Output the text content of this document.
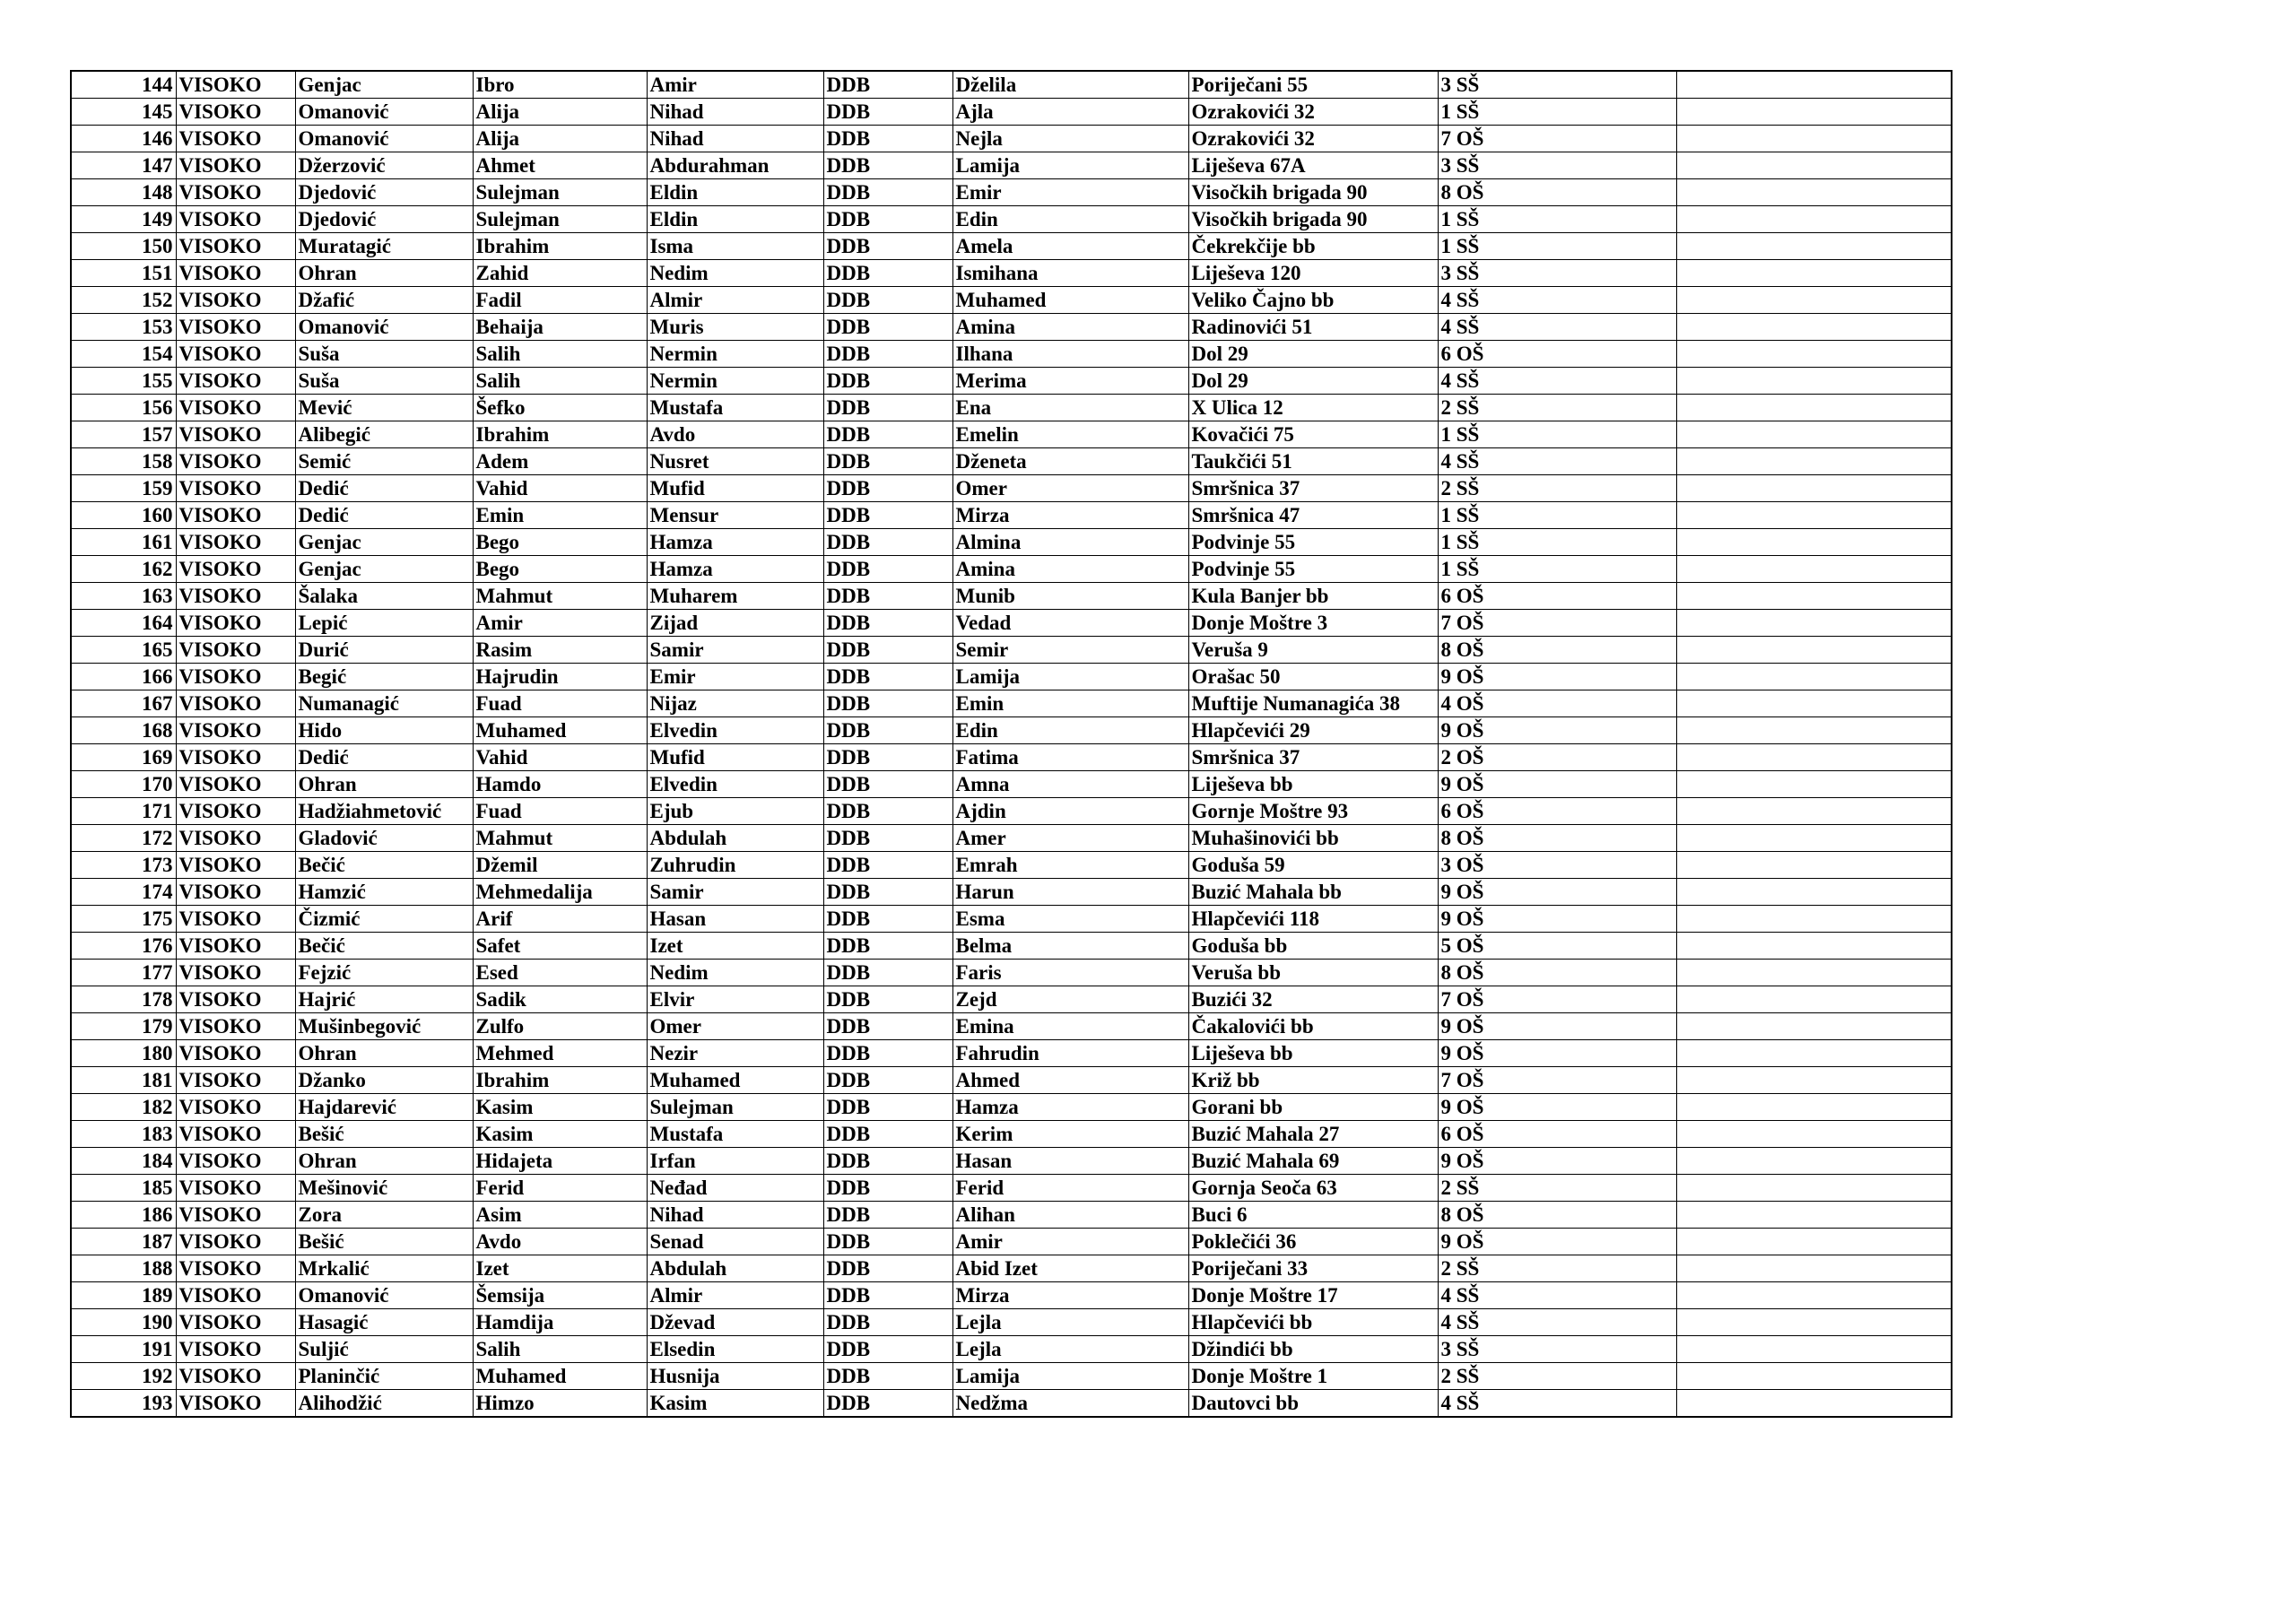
144	VISOKO	Genjac	Ibro	Amir	DDB	Dželila	Poriječani 55	3 SŠ	
145	VISOKO	Omanović	Alija	Nihad	DDB	Ajla	Ozrakovići 32	1 SŠ	
146	VISOKO	Omanović	Alija	Nihad	DDB	Nejla	Ozrakovići 32	7 OŠ	
147	VISOKO	Džerzović	Ahmet	Abdurahman	DDB	Lamija	Liješeva 67A	3 SŠ	
148	VISOKO	Djedović	Sulejman	Eldin	DDB	Emir	Visočkih brigada 90	8 OŠ	
149	VISOKO	Djedović	Sulejman	Eldin	DDB	Edin	Visočkih brigada 90	1 SŠ	
150	VISOKO	Muratagić	Ibrahim	Isma	DDB	Amela	Čekrekčije bb	1 SŠ	
151	VISOKO	Ohran	Zahid	Nedim	DDB	Ismihana	Liješeva 120	3 SŠ	
152	VISOKO	Džafić	Fadil	Almir	DDB	Muhamed	Veliko Čajno bb	4 SŠ	
153	VISOKO	Omanović	Behaija	Muris	DDB	Amina	Radinovići 51	4 SŠ	
154	VISOKO	Suša	Salih	Nermin	DDB	Ilhana	Dol 29	6 OŠ	
155	VISOKO	Suša	Salih	Nermin	DDB	Merima	Dol 29	4 SŠ	
156	VISOKO	Mević	Šefko	Mustafa	DDB	Ena	X Ulica 12	2 SŠ	
157	VISOKO	Alibegić	Ibrahim	Avdo	DDB	Emelin	Kovačići 75	1 SŠ	
158	VISOKO	Semić	Adem	Nusret	DDB	Dženeta	Taukčići 51	4 SŠ	
159	VISOKO	Dedić	Vahid	Mufid	DDB	Omer	Smršnica 37	2 SŠ	
160	VISOKO	Dedić	Emin	Mensur	DDB	Mirza	Smršnica 47	1 SŠ	
161	VISOKO	Genjac	Bego	Hamza	DDB	Almina	Podvinje 55	1 SŠ	
162	VISOKO	Genjac	Bego	Hamza	DDB	Amina	Podvinje 55	1 SŠ	
163	VISOKO	Šalaka	Mahmut	Muharem	DDB	Munib	Kula Banjer bb	6 OŠ	
164	VISOKO	Lepić	Amir	Zijad	DDB	Vedad	Donje Moštre 3	7 OŠ	
165	VISOKO	Durić	Rasim	Samir	DDB	Semir	Veruša 9	8 OŠ	
166	VISOKO	Begić	Hajrudin	Emir	DDB	Lamija	Orašac 50	9 OŠ	
167	VISOKO	Numanagić	Fuad	Nijaz	DDB	Emin	Muftije Numanagića 38	4 OŠ	
168	VISOKO	Hido	Muhamed	Elvedin	DDB	Edin	Hlapčevići 29	9 OŠ	
169	VISOKO	Dedić	Vahid	Mufid	DDB	Fatima	Smršnica 37	2 OŠ	
170	VISOKO	Ohran	Hamdo	Elvedin	DDB	Amna	Liješeva bb	9 OŠ	
171	VISOKO	Hadžiahmetović	Fuad	Ejub	DDB	Ajdin	Gornje Moštre 93	6 OŠ	
172	VISOKO	Gladović	Mahmut	Abdulah	DDB	Amer	Muhašinovići bb	8 OŠ	
173	VISOKO	Bečić	Džemil	Zuhrudin	DDB	Emrah	Goduša 59	3 OŠ	
174	VISOKO	Hamzić	Mehmedalija	Samir	DDB	Harun	Buzić Mahala bb	9 OŠ	
175	VISOKO	Čizmić	Arif	Hasan	DDB	Esma	Hlapčevići 118	9 OŠ	
176	VISOKO	Bečić	Safet	Izet	DDB	Belma	Goduša bb	5 OŠ	
177	VISOKO	Fejzić	Esed	Nedim	DDB	Faris	Veruša bb	8 OŠ	
178	VISOKO	Hajrić	Sadik	Elvir	DDB	Zejd	Buzići 32	7 OŠ	
179	VISOKO	Mušinbegović	Zulfo	Omer	DDB	Emina	Čakalovići bb	9 OŠ	
180	VISOKO	Ohran	Mehmed	Nezir	DDB	Fahrudin	Liješeva bb	9 OŠ	
181	VISOKO	Džanko	Ibrahim	Muhamed	DDB	Ahmed	Križ bb	7 OŠ	
182	VISOKO	Hajdarević	Kasim	Sulejman	DDB	Hamza	Gorani bb	9 OŠ	
183	VISOKO	Bešić	Kasim	Mustafa	DDB	Kerim	Buzić Mahala 27	6 OŠ	
184	VISOKO	Ohran	Hidajeta	Irfan	DDB	Hasan	Buzić Mahala 69	9 OŠ	
185	VISOKO	Mešinović	Ferid	Neđad	DDB	Ferid	Gornja Seoča 63	2 SŠ	
186	VISOKO	Zora	Asim	Nihad	DDB	Alihan	Buci 6	8 OŠ	
187	VISOKO	Bešić	Avdo	Senad	DDB	Amir	Poklečići 36	9 OŠ	
188	VISOKO	Mrkalić	Izet	Abdulah	DDB	Abid Izet	Poriječani 33	2 SŠ	
189	VISOKO	Omanović	Šemsija	Almir	DDB	Mirza	Donje Moštre 17	4 SŠ	
190	VISOKO	Hasagić	Hamdija	Dževad	DDB	Lejla	Hlapčevići bb	4 SŠ	
191	VISOKO	Suljić	Salih	Elsedin	DDB	Lejla	Džindići bb	3 SŠ	
192	VISOKO	Planinčić	Muhamed	Husnija	DDB	Lamija	Donje Moštre 1	2 SŠ	
193	VISOKO	Alihodžić	Himzo	Kasim	DDB	Nedžma	Dautovci bb	4 SŠ	
